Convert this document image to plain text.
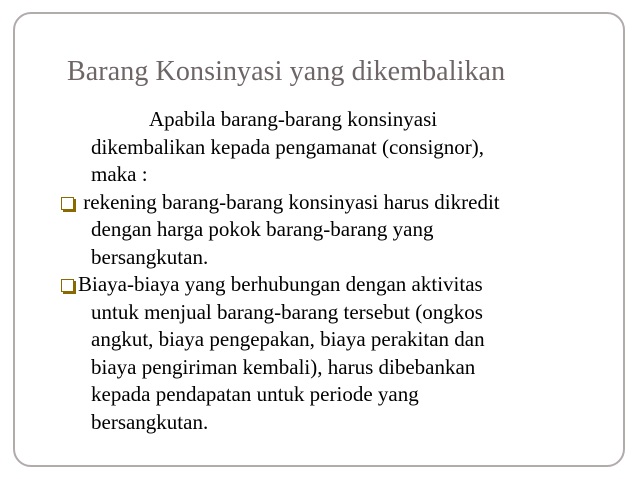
Barang Konsinyasi yang dikembalikan
Apabila barang-barang konsinyasi
dikembalikan kepada pengamanat (consignor),
maka :
rekening barang-barang konsinyasi harus dikredit
dengan harga pokok barang-barang yang
bersangkutan.
Biaya-biaya yang berhubungan dengan aktivitas
untuk menjual barang-barang tersebut (ongkos
angkut, biaya pengepakan, biaya perakitan dan
biaya pengiriman kembali), harus dibebankan
kepada pendapatan untuk periode yang
bersangkutan.
